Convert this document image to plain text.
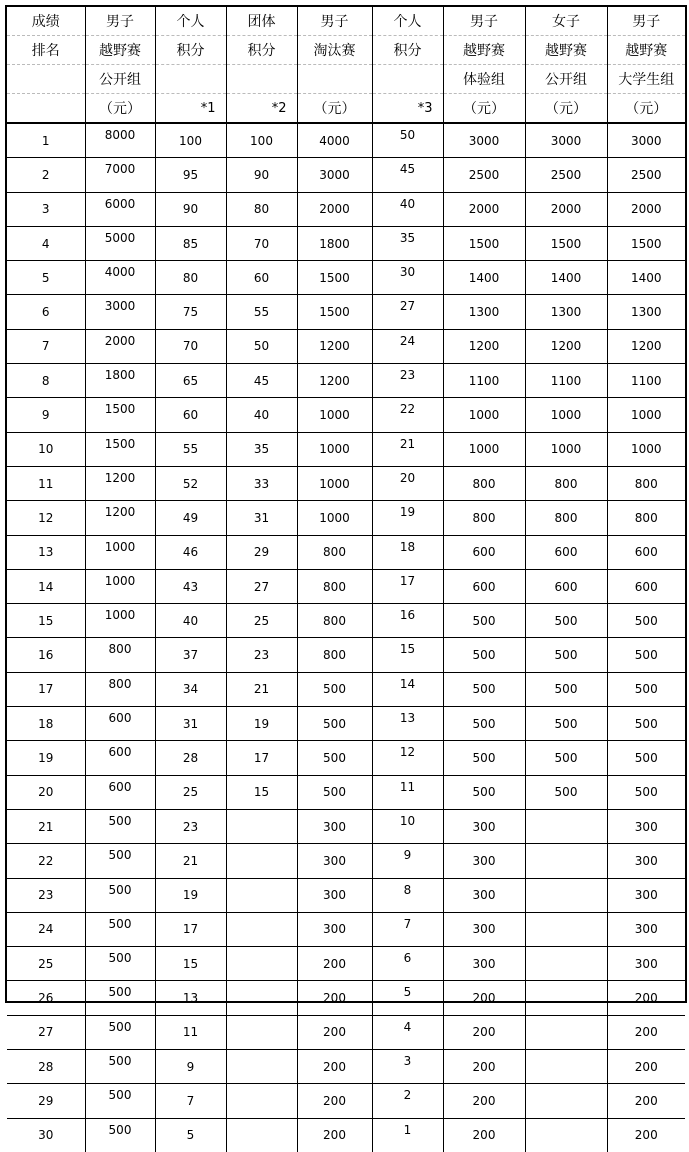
成绩	男子	个人	团体	男子	个人	男子	女子	男子
排名	越野赛	积分	积分	淘汰赛	积分	越野赛	越野赛	越野赛
	公开组					体验组	公开组	大学生组
	（元）	*1	*2	（元）	*3	（元）	（元）	（元）
1	8000	100	100	4000	50	3000	3000	3000
2	7000	95	90	3000	45	2500	2500	2500
3	6000	90	80	2000	40	2000	2000	2000
4	5000	85	70	1800	35	1500	1500	1500
5	4000	80	60	1500	30	1400	1400	1400
6	3000	75	55	1500	27	1300	1300	1300
7	2000	70	50	1200	24	1200	1200	1200
8	1800	65	45	1200	23	1100	1100	1100
9	1500	60	40	1000	22	1000	1000	1000
10	1500	55	35	1000	21	1000	1000	1000
11	1200	52	33	1000	20	800	800	800
12	1200	49	31	1000	19	800	800	800
13	1000	46	29	800	18	600	600	600
14	1000	43	27	800	17	600	600	600
15	1000	40	25	800	16	500	500	500
16	800	37	23	800	15	500	500	500
17	800	34	21	500	14	500	500	500
18	600	31	19	500	13	500	500	500
19	600	28	17	500	12	500	500	500
20	600	25	15	500	11	500	500	500
21	500	23		300	10	300		300
22	500	21		300	9	300		300
23	500	19		300	8	300		300
24	500	17		300	7	300		300
25	500	15		200	6	300		300
26	500	13		200	5	200		200
27	500	11		200	4	200		200
28	500	9		200	3	200		200
29	500	7		200	2	200		200
30	500	5		200	1	200		200
